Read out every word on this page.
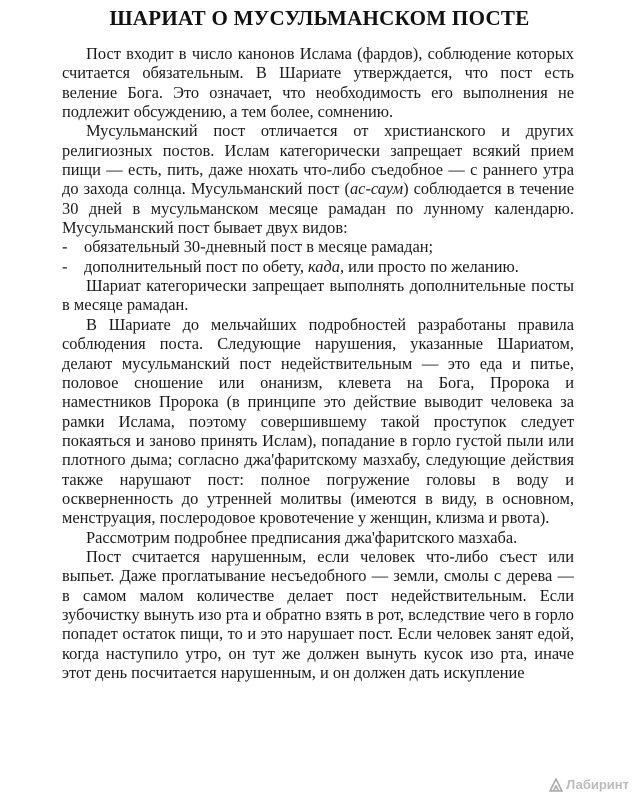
ШАРИАТ О МУСУЛЬМАНСКОМ ПОСТЕ

Пост входит в число канонов Ислама (фардов), соблюдение которых считается обязательным. В Шариате утверждается, что пост есть веление Бога. Это означает, что необходимость его выполнения не подлежит обсуждению, а тем более, сомнению.

Мусульманский пост отличается от христианского и других религиозных постов. Ислам категорически запрещает всякий прием пищи — есть, пить, даже нюхать что-либо съедобное — с раннего утра до захода солнца. Мусульманский пост (ас-саум) соблюдается в течение 30 дней в мусульманском месяце рамадан по лунному календарю. Мусульманский пост бывает двух видов:

- обязательный 30-дневный пост в месяце рамадан;
- дополнительный пост по обету, када, или просто по желанию.

Шариат категорически запрещает выполнять дополнительные посты в месяце рамадан.

В Шариате до мельчайших подробностей разработаны правила соблюдения поста. Следующие нарушения, указанные Шариатом, делают мусульманский пост недействительным — это еда и питье, половое сношение или онанизм, клевета на Бога, Пророка и наместников Пророка (в принципе это действие выводит человека за рамки Ислама, поэтому совершившему такой проступок следует покаяться и заново принять Ислам), попадание в горло густой пыли или плотного дыма; согласно джа'фаритскому мазхабу, следующие действия также нарушают пост: полное погружение головы в воду и оскверненность до утренней молитвы (имеются в виду, в основном, менструация, послеродовое кровотечение у женщин, клизма и рвота).

Рассмотрим подробнее предписания джа'фаритского мазхаба.

Пост считается нарушенным, если человек что-либо съест или выпьет. Даже проглатывание несъедобного — земли, смолы с дерева — в самом малом количестве делает пост недействительным. Если зубочистку вынуть изо рта и обратно взять в рот, вследствие чего в горло попадет остаток пищи, то и это нарушает пост. Если человек занят едой, когда наступило утро, он тут же должен вынуть кусок изо рта, иначе этот день посчитается нарушенным, и он должен дать искупление

Лабиринт
